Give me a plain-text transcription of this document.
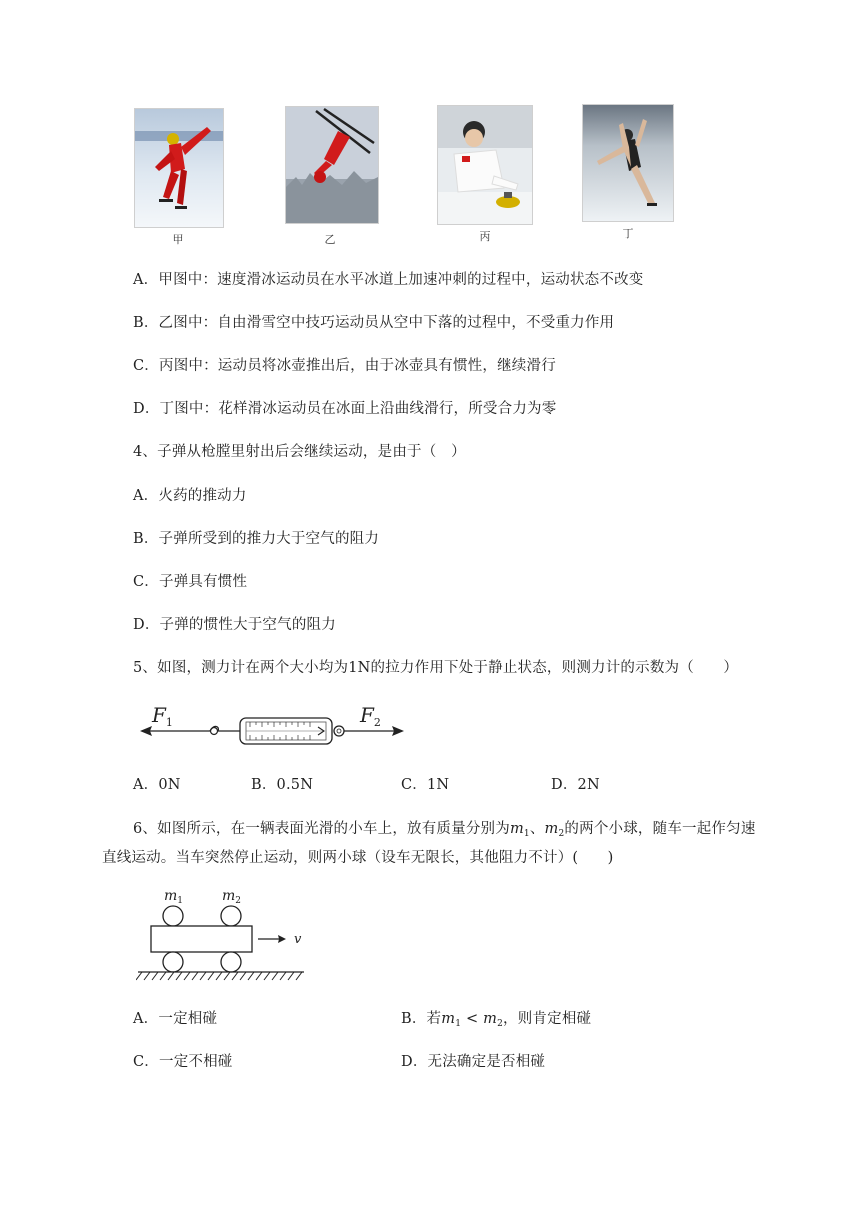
甲	乙	丙	丁
A．甲图中：速度滑冰运动员在水平冰道上加速冲刺的过程中，运动状态不改变
B．乙图中：自由滑雪空中技巧运动员从空中下落的过程中，不受重力作用
C．丙图中：运动员将冰壶推出后，由于冰壶具有惯性，继续滑行
D．丁图中：花样滑冰运动员在冰面上沿曲线滑行，所受合力为零
4、子弹从枪膛里射出后会继续运动，是由于（　）
A．火药的推动力
B．子弹所受到的推力大于空气的阻力
C．子弹具有惯性
D．子弹的惯性大于空气的阻力
5、如图，测力计在两个大小均为1N的拉力作用下处于静止状态，则测力计的示数为（　　）
$F_1$	$F_2$
A．0N	B．0.5N	C．1N	D．2N
6、如图所示，在一辆表面光滑的小车上，放有质量分别为$m_1$、$m_2$的两个小球，随车一起作匀速
直线运动。当车突然停止运动，则两小球（设车无限长，其他阻力不计）(　　)
$m_1$	$m_2$
v
A．一定相碰	B．若$m_1 < m_2$，则肯定相碰
C．一定不相碰	D．无法确定是否相碰
